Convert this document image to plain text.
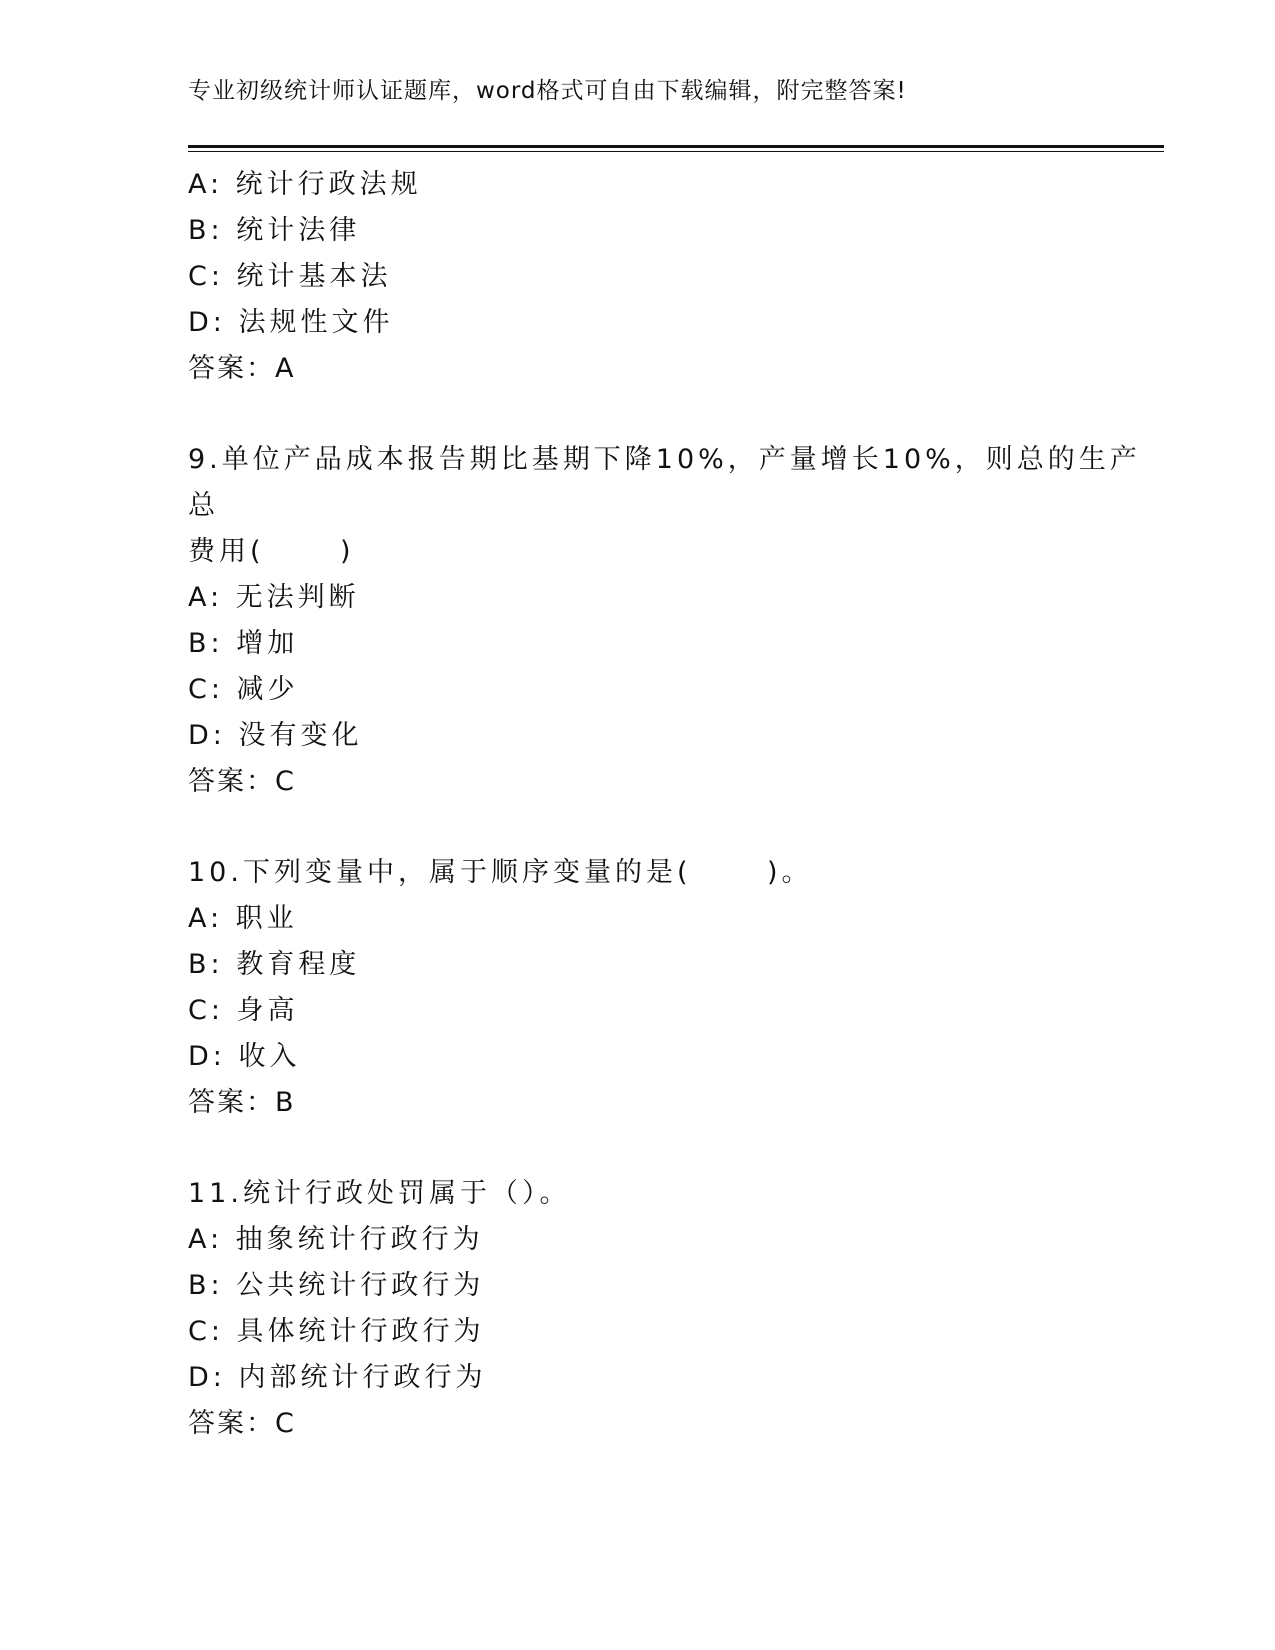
专业初级统计师认证题库，word格式可自由下载编辑，附完整答案!
A: 统计行政法规
B: 统计法律
C: 统计基本法
D: 法规性文件
答案：A
9.单位产品成本报告期比基期下降10%，产量增长10%，则总的生产总
费用(      )
A: 无法判断
B: 增加
C: 减少
D: 没有变化
答案：C
10.下列变量中，属于顺序变量的是(      )。
A: 职业
B: 教育程度
C: 身高
D: 收入
答案：B
11.统计行政处罚属于（）。
A: 抽象统计行政行为
B: 公共统计行政行为
C: 具体统计行政行为
D: 内部统计行政行为
答案：C
